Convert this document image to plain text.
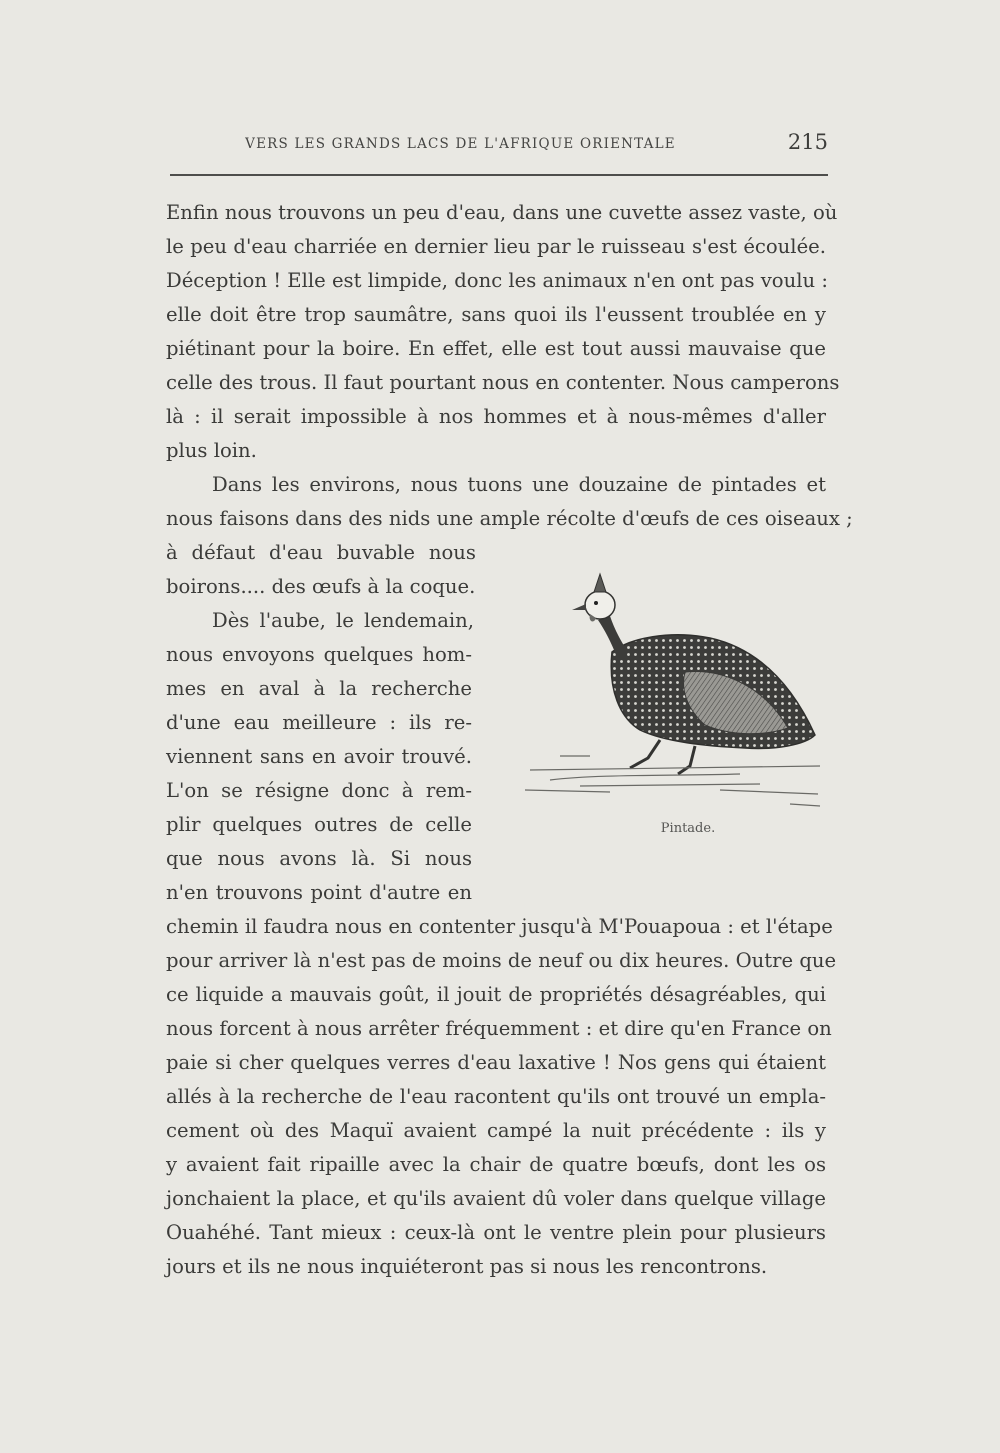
VERS LES GRANDS LACS DE L'AFRIQUE ORIENTALE	215
Enfin nous trouvons un peu d'eau, dans une cuvette assez vaste, où
le peu d'eau charriée en dernier lieu par le ruisseau s'est écoulée.
Déception ! Elle est limpide, donc les animaux n'en ont pas voulu :
elle doit être trop saumâtre, sans quoi ils l'eussent troublée en y
piétinant pour la boire. En effet, elle est tout aussi mauvaise que
celle des trous. Il faut pourtant nous en contenter. Nous camperons
là : il serait impossible à nos hommes et à nous-mêmes d'aller
plus loin.
Dans les environs, nous tuons une douzaine de pintades et
nous faisons dans des nids une ample récolte d'œufs de ces oiseaux ;
à défaut d'eau buvable nous
boirons.... des œufs à la coque.
Dès l'aube, le lendemain,
nous envoyons quelques hom-
mes en aval à la recherche
d'une eau meilleure : ils re-
viennent sans en avoir trouvé.
L'on se résigne donc à rem-
plir quelques outres de celle
que nous avons là. Si nous
n'en trouvons point d'autre en
chemin il faudra nous en contenter jusqu'à M'Pouapoua : et l'étape
pour arriver là n'est pas de moins de neuf ou dix heures. Outre que
ce liquide a mauvais goût, il jouit de propriétés désagréables, qui
nous forcent à nous arrêter fréquemment : et dire qu'en France on
paie si cher quelques verres d'eau laxative ! Nos gens qui étaient
allés à la recherche de l'eau racontent qu'ils ont trouvé un empla-
cement où des Maquï avaient campé la nuit précédente : ils y
y avaient fait ripaille avec la chair de quatre bœufs, dont les os
jonchaient la place, et qu'ils avaient dû voler dans quelque village
Ouahéhé. Tant mieux : ceux-là ont le ventre plein pour plusieurs
jours et ils ne nous inquiéteront pas si nous les rencontrons.
Pintade.
